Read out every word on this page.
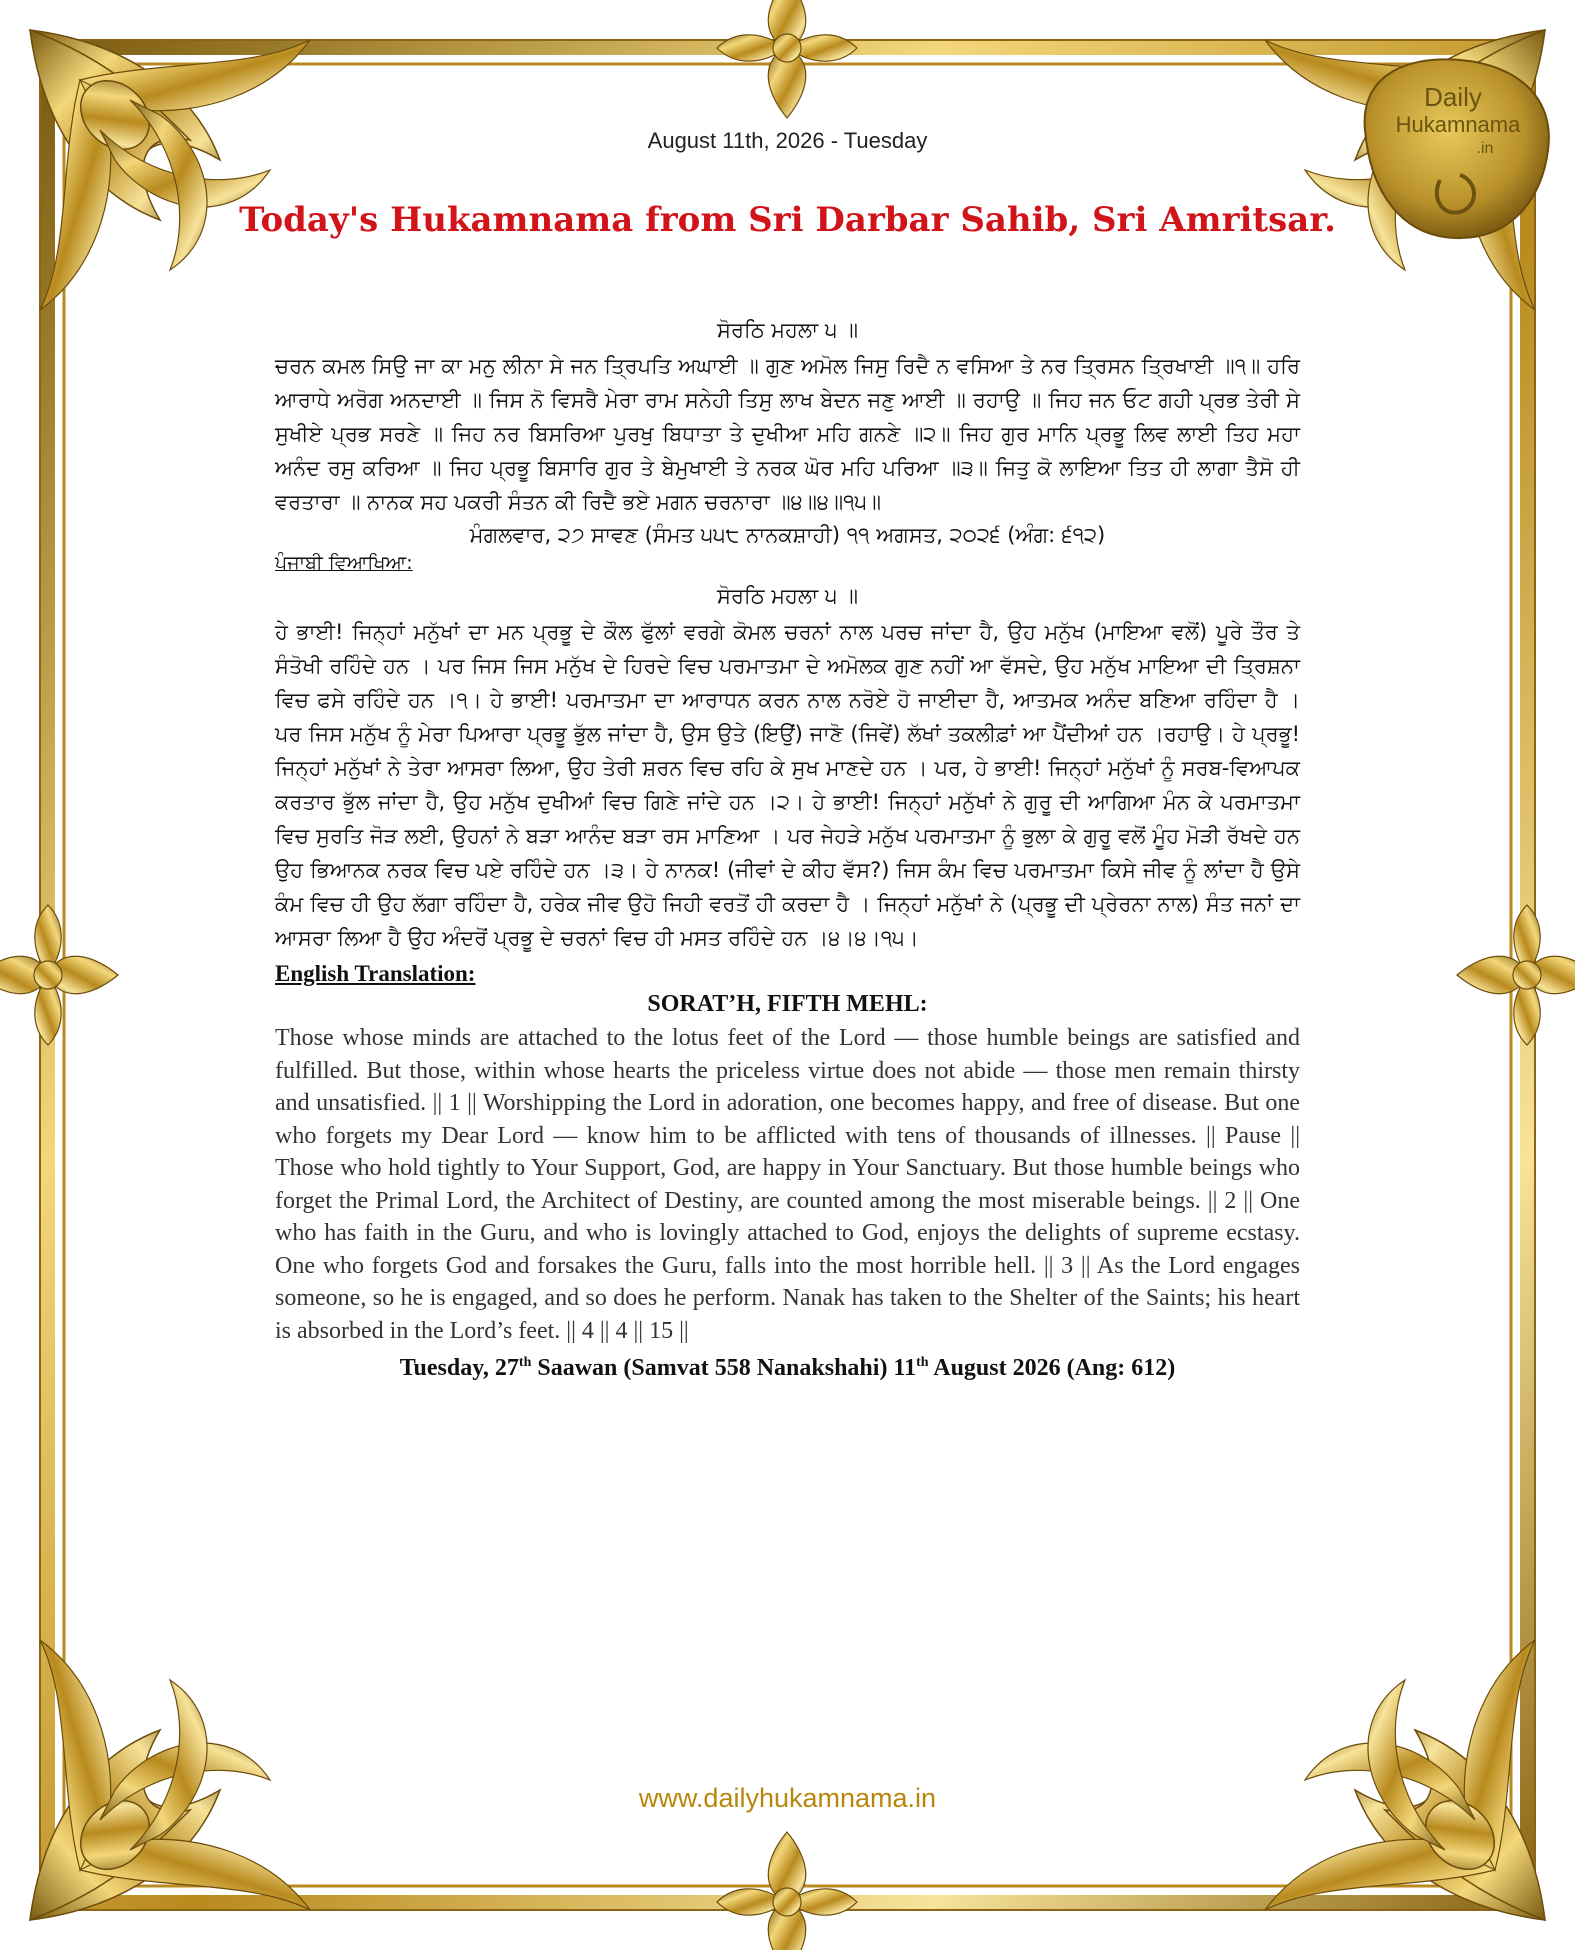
Daily
Hukamnama
.in
August 11th, 2026 - Tuesday
Today's Hukamnama from Sri Darbar Sahib, Sri Amritsar.
ਸੋਰਠਿ ਮਹਲਾ ੫ ॥

ਚਰਨ ਕਮਲ ਸਿਉ ਜਾ ਕਾ ਮਨੁ ਲੀਨਾ ਸੇ ਜਨ ਤ੍ਰਿਪਤਿ ਅਘਾਈ ॥ ਗੁਣ ਅਮੋਲ ਜਿਸੁ ਰਿਦੈ ਨ ਵਸਿਆ ਤੇ ਨਰ ਤ੍ਰਿਸਨ ਤ੍ਰਿਖਾਈ ॥੧॥ ਹਰਿ ਆਰਾਧੇ ਅਰੋਗ ਅਨਦਾਈ ॥ ਜਿਸ ਨੋ ਵਿਸਰੈ ਮੇਰਾ ਰਾਮ ਸਨੇਹੀ ਤਿਸੁ ਲਾਖ ਬੇਦਨ ਜਣੁ ਆਈ ॥ ਰਹਾਉ ॥ ਜਿਹ ਜਨ ਓਟ ਗਹੀ ਪ੍ਰਭ ਤੇਰੀ ਸੇ ਸੁਖੀਏ ਪ੍ਰਭ ਸਰਣੇ ॥ ਜਿਹ ਨਰ ਬਿਸਰਿਆ ਪੁਰਖੁ ਬਿਧਾਤਾ ਤੇ ਦੁਖੀਆ ਮਹਿ ਗਨਣੇ ॥੨॥ ਜਿਹ ਗੁਰ ਮਾਨਿ ਪ੍ਰਭੂ ਲਿਵ ਲਾਈ ਤਿਹ ਮਹਾ ਅਨੰਦ ਰਸੁ ਕਰਿਆ ॥ ਜਿਹ ਪ੍ਰਭੂ ਬਿਸਾਰਿ ਗੁਰ ਤੇ ਬੇਮੁਖਾਈ ਤੇ ਨਰਕ ਘੋਰ ਮਹਿ ਪਰਿਆ ॥੩॥ ਜਿਤੁ ਕੋ ਲਾਇਆ ਤਿਤ ਹੀ ਲਾਗਾ ਤੈਸੋ ਹੀ ਵਰਤਾਰਾ ॥ ਨਾਨਕ ਸਹ ਪਕਰੀ ਸੰਤਨ ਕੀ ਰਿਦੈ ਭਏ ਮਗਨ ਚਰਨਾਰਾ ॥੪॥੪॥੧੫॥

ਮੰਗਲਵਾਰ, ੨੭ ਸਾਵਣ (ਸੰਮਤ ੫੫੮ ਨਾਨਕਸ਼ਾਹੀ) ੧੧ ਅਗਸਤ, ੨੦੨੬ (ਅੰਗ: ੬੧੨)
ਪੰਜਾਬੀ ਵਿਆਖਿਆ:
ਸੋਰਠਿ ਮਹਲਾ ੫ ॥

ਹੇ ਭਾਈ! ਜਿਨ੍ਹਾਂ ਮਨੁੱਖਾਂ ਦਾ ਮਨ ਪ੍ਰਭੂ ਦੇ ਕੌਲ ਫੁੱਲਾਂ ਵਰਗੇ ਕੋਮਲ ਚਰਨਾਂ ਨਾਲ ਪਰਚ ਜਾਂਦਾ ਹੈ, ਉਹ ਮਨੁੱਖ (ਮਾਇਆ ਵਲੋਂ) ਪੂਰੇ ਤੌਰ ਤੇ ਸੰਤੋਖੀ ਰਹਿੰਦੇ ਹਨ । ਪਰ ਜਿਸ ਜਿਸ ਮਨੁੱਖ ਦੇ ਹਿਰਦੇ ਵਿਚ ਪਰਮਾਤਮਾ ਦੇ ਅਮੋਲਕ ਗੁਣ ਨਹੀਂ ਆ ਵੱਸਦੇ, ਉਹ ਮਨੁੱਖ ਮਾਇਆ ਦੀ ਤ੍ਰਿਸ਼ਨਾ ਵਿਚ ਫਸੇ ਰਹਿੰਦੇ ਹਨ ।੧। ਹੇ ਭਾਈ! ਪਰਮਾਤਮਾ ਦਾ ਆਰਾਧਨ ਕਰਨ ਨਾਲ ਨਰੋਏ ਹੋ ਜਾਈਦਾ ਹੈ, ਆਤਮਕ ਅਨੰਦ ਬਣਿਆ ਰਹਿੰਦਾ ਹੈ । ਪਰ ਜਿਸ ਮਨੁੱਖ ਨੂੰ ਮੇਰਾ ਪਿਆਰਾ ਪ੍ਰਭੂ ਭੁੱਲ ਜਾਂਦਾ ਹੈ, ਉਸ ਉਤੇ (ਇਉਂ) ਜਾਣੋ (ਜਿਵੇਂ) ਲੱਖਾਂ ਤਕਲੀਫ਼ਾਂ ਆ ਪੈਂਦੀਆਂ ਹਨ ।ਰਹਾਉ। ਹੇ ਪ੍ਰਭੂ! ਜਿਨ੍ਹਾਂ ਮਨੁੱਖਾਂ ਨੇ ਤੇਰਾ ਆਸਰਾ ਲਿਆ, ਉਹ ਤੇਰੀ ਸ਼ਰਨ ਵਿਚ ਰਹਿ ਕੇ ਸੁਖ ਮਾਣਦੇ ਹਨ । ਪਰ, ਹੇ ਭਾਈ! ਜਿਨ੍ਹਾਂ ਮਨੁੱਖਾਂ ਨੂੰ ਸਰਬ-ਵਿਆਪਕ ਕਰਤਾਰ ਭੁੱਲ ਜਾਂਦਾ ਹੈ, ਉਹ ਮਨੁੱਖ ਦੁਖੀਆਂ ਵਿਚ ਗਿਣੇ ਜਾਂਦੇ ਹਨ ।੨। ਹੇ ਭਾਈ! ਜਿਨ੍ਹਾਂ ਮਨੁੱਖਾਂ ਨੇ ਗੁਰੂ ਦੀ ਆਗਿਆ ਮੰਨ ਕੇ ਪਰਮਾਤਮਾ ਵਿਚ ਸੁਰਤਿ ਜੋੜ ਲਈ, ਉਹਨਾਂ ਨੇ ਬੜਾ ਆਨੰਦ ਬੜਾ ਰਸ ਮਾਣਿਆ । ਪਰ ਜੇਹੜੇ ਮਨੁੱਖ ਪਰਮਾਤਮਾ ਨੂੰ ਭੁਲਾ ਕੇ ਗੁਰੂ ਵਲੋਂ ਮੂੰਹ ਮੋੜੀ ਰੱਖਦੇ ਹਨ ਉਹ ਭਿਆਨਕ ਨਰਕ ਵਿਚ ਪਏ ਰਹਿੰਦੇ ਹਨ ।੩। ਹੇ ਨਾਨਕ! (ਜੀਵਾਂ ਦੇ ਕੀਹ ਵੱਸ?) ਜਿਸ ਕੰਮ ਵਿਚ ਪਰਮਾਤਮਾ ਕਿਸੇ ਜੀਵ ਨੂੰ ਲਾਂਦਾ ਹੈ ਉਸੇ ਕੰਮ ਵਿਚ ਹੀ ਉਹ ਲੱਗਾ ਰਹਿੰਦਾ ਹੈ, ਹਰੇਕ ਜੀਵ ਉਹੋ ਜਿਹੀ ਵਰਤੋਂ ਹੀ ਕਰਦਾ ਹੈ । ਜਿਨ੍ਹਾਂ ਮਨੁੱਖਾਂ ਨੇ (ਪ੍ਰਭੂ ਦੀ ਪ੍ਰੇਰਨਾ ਨਾਲ) ਸੰਤ ਜਨਾਂ ਦਾ ਆਸਰਾ ਲਿਆ ਹੈ ਉਹ ਅੰਦਰੋਂ ਪ੍ਰਭੂ ਦੇ ਚਰਨਾਂ ਵਿਚ ਹੀ ਮਸਤ ਰਹਿੰਦੇ ਹਨ ।੪।੪।੧੫।

English Translation:
SORAT’H, FIFTH MEHL:

Those whose minds are attached to the lotus feet of the Lord — those humble beings are satisfied and fulfilled. But those, within whose hearts the priceless virtue does not abide — those men remain thirsty and unsatisfied. || 1 || Worshipping the Lord in adoration, one becomes happy, and free of disease. But one who forgets my Dear Lord — know him to be afflicted with tens of thousands of illnesses. || Pause || Those who hold tightly to Your Support, God, are happy in Your Sanctuary. But those humble beings who forget the Primal Lord, the Architect of Destiny, are counted among the most miserable beings. || 2 || One who has faith in the Guru, and who is lovingly attached to God, enjoys the delights of supreme ecstasy. One who forgets God and forsakes the Guru, falls into the most horrible hell. || 3 || As the Lord engages someone, so he is engaged, and so does he perform. Nanak has taken to the Shelter of the Saints; his heart is absorbed in the Lord’s feet. || 4 || 4 || 15 ||

Tuesday, 27th Saawan (Samvat 558 Nanakshahi) 11th August 2026 (Ang: 612)
www.dailyhukamnama.in
